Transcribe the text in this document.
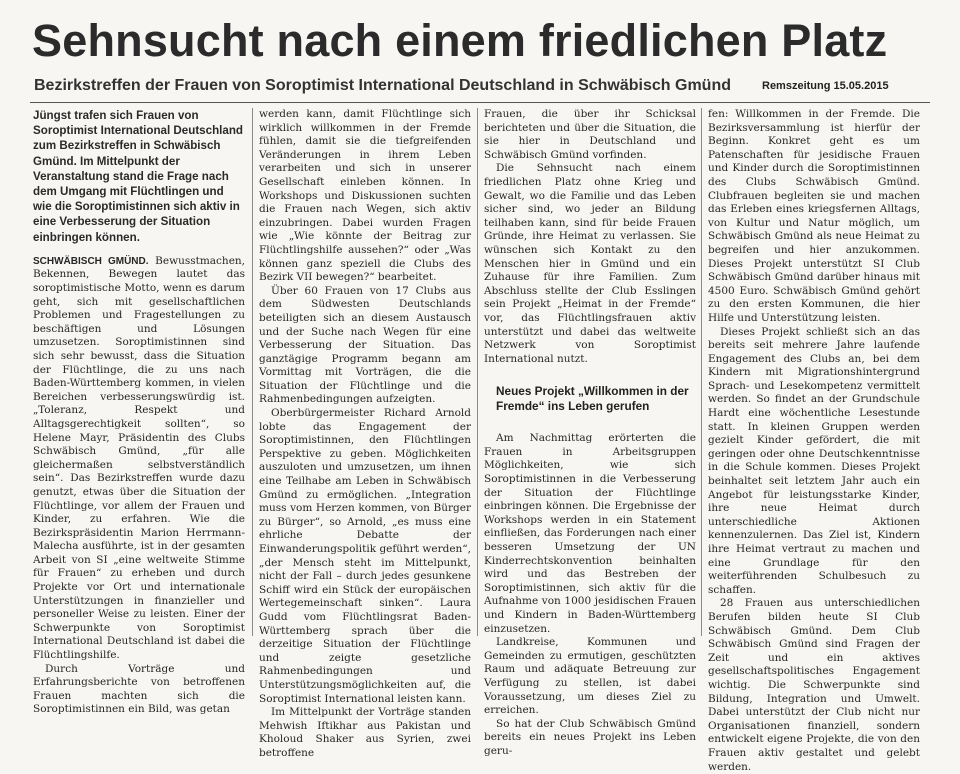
Sehnsucht nach einem friedlichen Platz
Bezirkstreffen der Frauen von Soroptimist International Deutschland in Schwäbisch Gmünd	Remszeitung 15.05.2015

Jüngst trafen sich Frauen von Soroptimist International Deutschland zum Bezirkstreffen in Schwäbisch Gmünd. Im Mittelpunkt der Veranstaltung stand die Frage nach dem Umgang mit Flüchtlingen und wie die Soroptimistinnen sich aktiv in eine Verbesserung der Situation einbringen können.

SCHWÄBISCH GMÜND. Bewusstmachen, Bekennen, Bewegen lautet das soroptimistische Motto, wenn es darum geht, sich mit gesellschaftlichen Problemen und Fragestellungen zu beschäftigen und Lösungen umzusetzen. Soroptimistinnen sind sich sehr bewusst, dass die Situation der Flüchtlinge, die zu uns nach Baden-Württemberg kommen, in vielen Bereichen verbesserungswürdig ist. „Toleranz, Respekt und Alltagsgerechtigkeit sollten“, so Helene Mayr, Präsidentin des Clubs Schwäbisch Gmünd, „für alle gleichermaßen selbstverständlich sein“. Das Bezirkstreffen wurde dazu genutzt, etwas über die Situation der Flüchtlinge, vor allem der Frauen und Kinder, zu erfahren. Wie die Bezirkspräsidentin Marion Herrmann-Malecha ausführte, ist in der gesamten Arbeit von SI „eine weltweite Stimme für Frauen“ zu erheben und durch Projekte vor Ort und internationale Unterstützungen in finanzieller und personeller Weise zu leisten. Einer der Schwerpunkte von Soroptimist International Deutschland ist dabei die Flüchtlingshilfe.

Durch Vorträge und Erfahrungsberichte von betroffenen Frauen machten sich die Soroptimistinnen ein Bild, was getan

werden kann, damit Flüchtlinge sich wirklich willkommen in der Fremde fühlen, damit sie die tiefgreifenden Veränderungen in ihrem Leben verarbeiten und sich in unserer Gesellschaft einleben können. In Workshops und Diskussionen suchten die Frauen nach Wegen, sich aktiv einzubringen. Dabei wurden Fragen wie „Wie könnte der Beitrag zur Flüchtlingshilfe aussehen?“ oder „Was können ganz speziell die Clubs des Bezirk VII bewegen?“ bearbeitet.

Über 60 Frauen von 17 Clubs aus dem Südwesten Deutschlands beteiligten sich an diesem Austausch und der Suche nach Wegen für eine Verbesserung der Situation. Das ganztägige Programm begann am Vormittag mit Vorträgen, die die Situation der Flüchtlinge und die Rahmenbedingungen aufzeigten.

Oberbürgermeister Richard Arnold lobte das Engagement der Soroptimistinnen, den Flüchtlingen Perspektive zu geben. Möglichkeiten auszuloten und umzusetzen, um ihnen eine Teilhabe am Leben in Schwäbisch Gmünd zu ermöglichen. „Integration muss vom Herzen kommen, von Bürger zu Bürger“, so Arnold, „es muss eine ehrliche Debatte der Einwanderungspolitik geführt werden“, „der Mensch steht im Mittelpunkt, nicht der Fall – durch jedes gesunkene Schiff wird ein Stück der europäischen Wertegemeinschaft sinken“. Laura Gudd vom Flüchtlingsrat Baden-Württemberg sprach über die derzeitige Situation der Flüchtlinge und zeigte gesetzliche Rahmenbedingungen und Unterstützungsmöglichkeiten auf, die Soroptimist International leisten kann.

Im Mittelpunkt der Vorträge standen Mehwish Iftikhar aus Pakistan und Kholoud Shaker aus Syrien, zwei betroffene

Frauen, die über ihr Schicksal berichteten und über die Situation, die sie hier in Deutschland und Schwäbisch Gmünd vorfinden.

Die Sehnsucht nach einem friedlichen Platz ohne Krieg und Gewalt, wo die Familie und das Leben sicher sind, wo jeder an Bildung teilhaben kann, sind für beide Frauen Gründe, ihre Heimat zu verlassen. Sie wünschen sich Kontakt zu den Menschen hier in Gmünd und ein Zuhause für ihre Familien. Zum Abschluss stellte der Club Esslingen sein Projekt „Heimat in der Fremde“ vor, das Flüchtlingsfrauen aktiv unterstützt und dabei das weltweite Netzwerk von Soroptimist International nutzt.

Neues Projekt „Willkommen in der Fremde“ ins Leben gerufen

Am Nachmittag erörterten die Frauen in Arbeitsgruppen Möglichkeiten, wie sich Soroptimistinnen in die Verbesserung der Situation der Flüchtlinge einbringen können. Die Ergebnisse der Workshops werden in ein Statement einfließen, das Forderungen nach einer besseren Umsetzung der UN Kinderrechtskonvention beinhalten wird und das Bestreben der Soroptimistinnen, sich aktiv für die Aufnahme von 1000 jesidischen Frauen und Kindern in Baden-Württemberg einzusetzen.

Landkreise, Kommunen und Gemeinden zu ermutigen, geschützten Raum und adäquate Betreuung zur Verfügung zu stellen, ist dabei Voraussetzung, um dieses Ziel zu erreichen.

So hat der Club Schwäbisch Gmünd bereits ein neues Projekt ins Leben geru-

fen: Willkommen in der Fremde. Die Bezirksversammlung ist hierfür der Beginn. Konkret geht es um Patenschaften für jesidische Frauen und Kinder durch die Soroptimistinnen des Clubs Schwäbisch Gmünd. Clubfrauen begleiten sie und machen das Erleben eines kriegsfernen Alltags, von Kultur und Natur möglich, um Schwäbisch Gmünd als neue Heimat zu begreifen und hier anzukommen. Dieses Projekt unterstützt SI Club Schwäbisch Gmünd darüber hinaus mit 4500 Euro. Schwäbisch Gmünd gehört zu den ersten Kommunen, die hier Hilfe und Unterstützung leisten.

Dieses Projekt schließt sich an das bereits seit mehrere Jahre laufende Engagement des Clubs an, bei dem Kindern mit Migrationshintergrund Sprach- und Lesekompetenz vermittelt werden. So findet an der Grundschule Hardt eine wöchentliche Lesestunde statt. In kleinen Gruppen werden gezielt Kinder gefördert, die mit geringen oder ohne Deutschkenntnisse in die Schule kommen. Dieses Projekt beinhaltet seit letztem Jahr auch ein Angebot für leistungsstarke Kinder, ihre neue Heimat durch unterschiedliche Aktionen kennenzulernen. Das Ziel ist, Kindern ihre Heimat vertraut zu machen und eine Grundlage für den weiterführenden Schulbesuch zu schaffen.

28 Frauen aus unterschiedlichen Berufen bilden heute SI Club Schwäbisch Gmünd. Dem Club Schwäbisch Gmünd sind Fragen der Zeit und ein aktives gesellschaftspolitisches Engagement wichtig. Die Schwerpunkte sind Bildung, Integration und Umwelt. Dabei unterstützt der Club nicht nur Organisationen finanziell, sondern entwickelt eigene Projekte, die von den Frauen aktiv gestaltet und gelebt werden.
